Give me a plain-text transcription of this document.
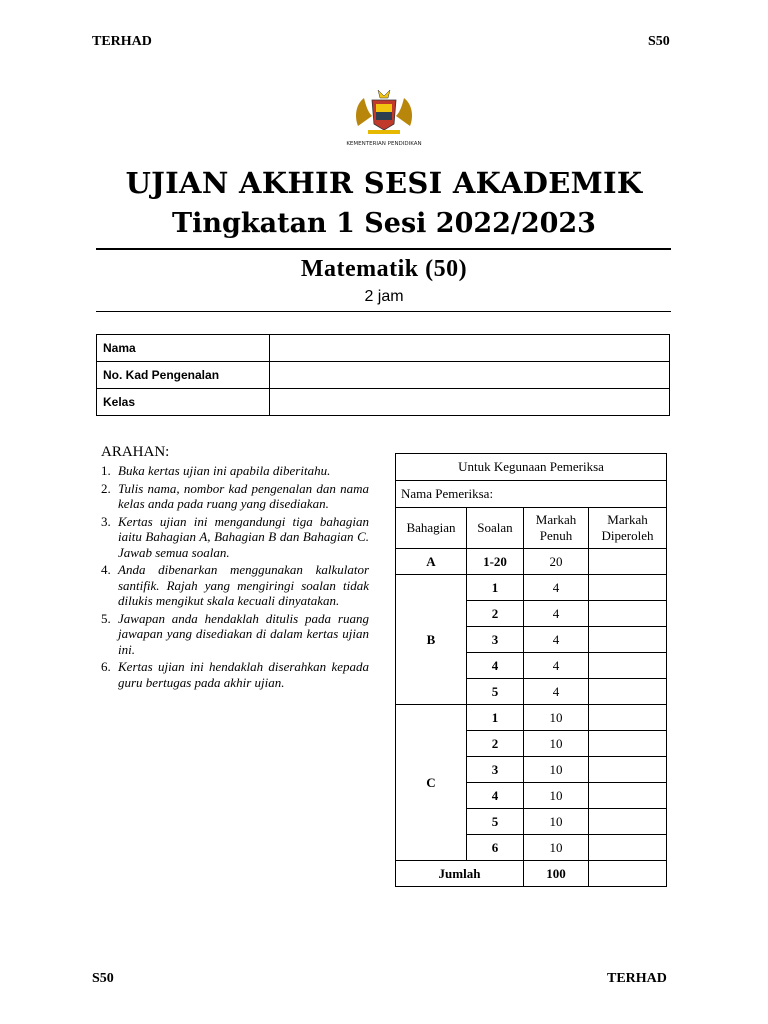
TERHAD	S50
KEMENTERIAN PENDIDIKAN
UJIAN AKHIR SESI AKADEMIK
Tingkatan 1 Sesi 2022/2023
Matematik (50)
2 jam
Nama	
No. Kad Pengenalan	
Kelas	
ARAHAN:
1. Buka kertas ujian ini apabila diberitahu.
2. Tulis nama, nombor kad pengenalan dan nama kelas anda pada ruang yang disediakan.
3. Kertas ujian ini mengandungi tiga bahagian iaitu Bahagian A, Bahagian B dan Bahagian C. Jawab semua soalan.
4. Anda dibenarkan menggunakan kalkulator santifik. Rajah yang mengiringi soalan tidak dilukis mengikut skala kecuali dinyatakan.
5. Jawapan anda hendaklah ditulis pada ruang jawapan yang disediakan di dalam kertas ujian ini.
6. Kertas ujian ini hendaklah diserahkan kepada guru bertugas pada akhir ujian.
Untuk Kegunaan Pemeriksa			
Nama Pemeriksa:			
Bahagian	Soalan	Markah Penuh	Markah Diperoleh
A	1-20	20	
B	1	4	
	2	4	
	3	4	
	4	4	
	5	4	
C	1	10	
	2	10	
	3	10	
	4	10	
	5	10	
	6	10	
Jumlah		100	
S50	TERHAD
